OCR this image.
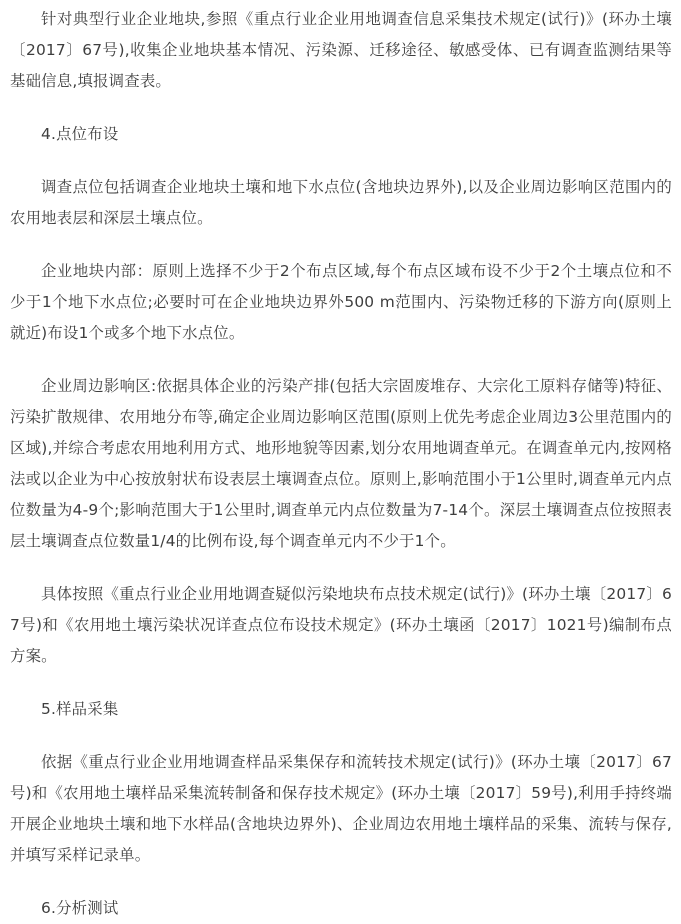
针对典型行业企业地块,参照《重点行业企业用地调查信息采集技术规定(试行)》(环办土壤〔2017〕67号),收集企业地块基本情况、污染源、迁移途径、敏感受体、已有调查监测结果等基础信息,填报调查表。

4.点位布设

调查点位包括调查企业地块土壤和地下水点位(含地块边界外),以及企业周边影响区范围内的农用地表层和深层土壤点位。

企业地块内部：原则上选择不少于2个布点区域,每个布点区域布设不少于2个土壤点位和不少于1个地下水点位;必要时可在企业地块边界外500 m范围内、污染物迁移的下游方向(原则上就近)布设1个或多个地下水点位。

企业周边影响区:依据具体企业的污染产排(包括大宗固废堆存、大宗化工原料存储等)特征、污染扩散规律、农用地分布等,确定企业周边影响区范围(原则上优先考虑企业周边3公里范围内的区域),并综合考虑农用地利用方式、地形地貌等因素,划分农用地调查单元。在调查单元内,按网格法或以企业为中心按放射状布设表层土壤调查点位。原则上,影响范围小于1公里时,调查单元内点位数量为4-9个;影响范围大于1公里时,调查单元内点位数量为7-14个。深层土壤调查点位按照表层土壤调查点位数量1/4的比例布设,每个调查单元内不少于1个。

具体按照《重点行业企业用地调查疑似污染地块布点技术规定(试行)》(环办土壤〔2017〕67号)和《农用地土壤污染状况详查点位布设技术规定》(环办土壤函〔2017〕1021号)编制布点方案。

5.样品采集

依据《重点行业企业用地调查样品采集保存和流转技术规定(试行)》(环办土壤〔2017〕67号)和《农用地土壤样品采集流转制备和保存技术规定》(环办土壤〔2017〕59号),利用手持终端开展企业地块土壤和地下水样品(含地块边界外)、企业周边农用地土壤样品的采集、流转与保存,并填写采样记录单。

6.分析测试
